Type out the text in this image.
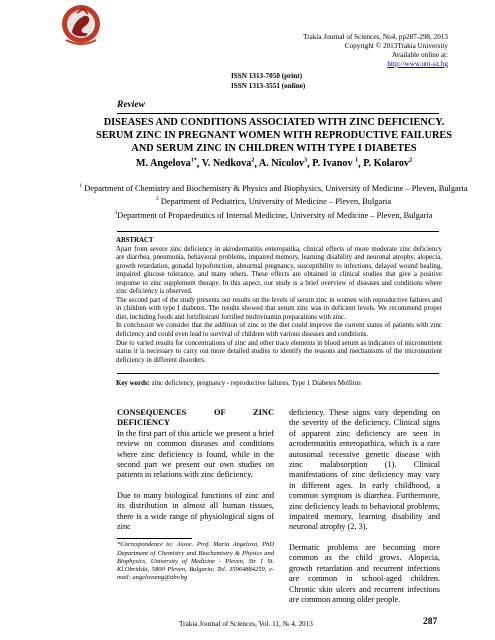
Trakia Journal of Sciences, No4, pp287-298, 2013
Copyright © 2013Trakia University
Available online at:
http://www.uni-sz.bg
ISSN 1313-7050 (print)
ISSN 1313-3551 (online)
Review
DISEASES AND CONDITIONS ASSOCIATED WITH ZINC DEFICIENCY. SERUM ZINC IN PREGNANT WOMEN WITH REPRODUCTIVE FAILURES AND SERUM ZINC IN CHILDREN WITH TYPE I DIABETES
M. Angelova$^{1*}$, V. Nedkova$^2$, A. Nicolov$^3$, P. Ivanov $^1$, P. Kolarov$^2$
$^1$ Department of Chemistry and Biochemistry & Physics and Biophysics, University of Medicine – Pleven, Bulgaria
$^2$ Department of Pediatrics, University of Medicine – Pleven, Bulgaria
$^3$Department of Propaedeutics of Internal Medicine, University of Medicine – Pleven, Bulgaria
ABSTRACT

Apart from severe zinc deficiency in akrodermatitis enteropatika, clinical effects of more moderate zinc deficiency are diarrhea, pneumonia, behavioral problems, impaired memory, learning disability and neuronal atrophy, alopecia, growth retardation, gonadal hypofunction, abnormal pregnancy, susceptibility to infections, delayed wound healing, impaired glucose tolerance, and many others. These effects are obtained in clinical studies that give a positive response to zinc supplement therapy. In this aspect, our study is a brief overview of diseases and conditions where zinc deficiency is observed.

The second part of the study presents our results on the levels of serum zinc in women with reproductive failures and in children with type I diabetes. The results showed that serum zinc was in deficient levels. We recommend proper diet, including foods and fortifitsirani fortified multivitamin preparations with zinc.

In conclusion we consider that the addition of zinc to the diet could improve the current status of patients with zinc deficiency and could even lead to survival of children with various diseases and conditions.

Due to varied results for concentrations of zinc and other trace elements in blood serum as indicators of micronutrient status it is necessary to carry out more detailed studies to identify the reasons and mechanisms of the micronutrient deficiency in different disorders.

Key words: zinc deficiency, pregnancy - reproductive failures, Type 1 Diabetes Mellitus
CONSEQUENCES OF ZINC DEFICIENCY

In the first part of this article we present a brief review on common diseases and conditions where zinc deficiency is found, while in the second part we present our own studies on patients in relations with zinc deficiency.

Due to many biological functions of zinc and its distribution in almost all human tissues, there is a wide range of physiological signs of zinc

*Correspondence to: Assoc. Prof. Maria Angelova, PhD Department of Chemistry and Biochemistry & Physics and Biophysics, University of Medicine - Pleven, Str 1 St. Kl.Ohridski, 5800 Pleven, Bulgaria; Tel. 35964884259, e-mail: angelovamg@abv.bg

deficiency. These signs vary depending on the severity of the deficiency. Clinical signs of apparent zinc deficiency are seen in acrodermatitis enteropathica, which is a rare autosomal recessive genetic disease with zinc malabsorption (1). Clinical manifestations of zinc deficiency may vary in different ages. In early childhood, a common symptom is diarrhea. Furthermore, zinc deficiency leads to behavioral problems, impaired memory, learning disability and neuronal atrophy (2, 3).

Dermatic problems are becoming more common as the child grows. Alopecia, growth retardation and recurrent infections are common in school-aged children. Chronic skin ulcers and recurrent infections are common among older people.

Trakia Journal of Sciences, Vol. 11, № 4, 2013	287
